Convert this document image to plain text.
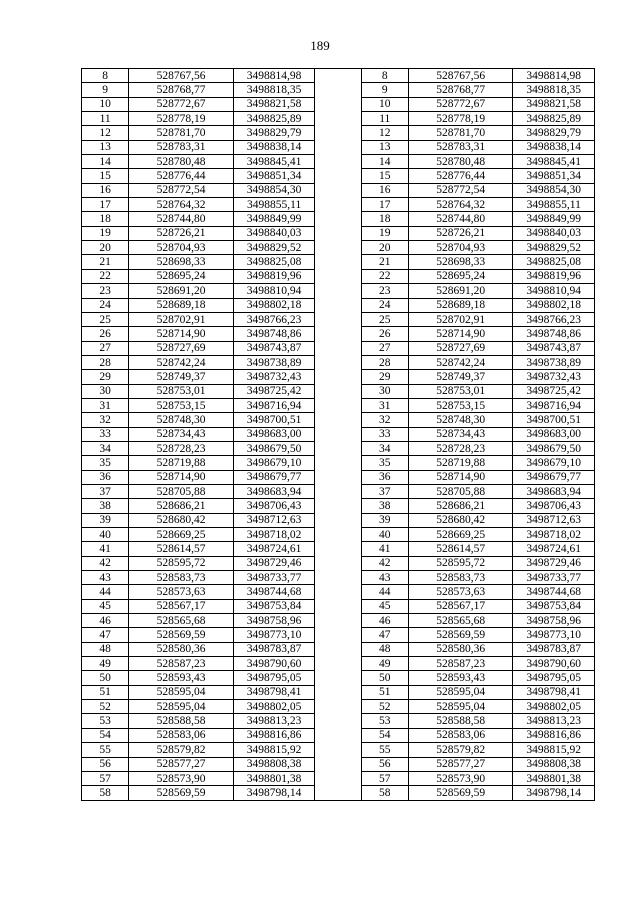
189
8	528767,56	3498814,98		8	528767,56	3498814,98
9	528768,77	3498818,35		9	528768,77	3498818,35
10	528772,67	3498821,58		10	528772,67	3498821,58
11	528778,19	3498825,89		11	528778,19	3498825,89
12	528781,70	3498829,79		12	528781,70	3498829,79
13	528783,31	3498838,14		13	528783,31	3498838,14
14	528780,48	3498845,41		14	528780,48	3498845,41
15	528776,44	3498851,34		15	528776,44	3498851,34
16	528772,54	3498854,30		16	528772,54	3498854,30
17	528764,32	3498855,11		17	528764,32	3498855,11
18	528744,80	3498849,99		18	528744,80	3498849,99
19	528726,21	3498840,03		19	528726,21	3498840,03
20	528704,93	3498829,52		20	528704,93	3498829,52
21	528698,33	3498825,08		21	528698,33	3498825,08
22	528695,24	3498819,96		22	528695,24	3498819,96
23	528691,20	3498810,94		23	528691,20	3498810,94
24	528689,18	3498802,18		24	528689,18	3498802,18
25	528702,91	3498766,23		25	528702,91	3498766,23
26	528714,90	3498748,86		26	528714,90	3498748,86
27	528727,69	3498743,87		27	528727,69	3498743,87
28	528742,24	3498738,89		28	528742,24	3498738,89
29	528749,37	3498732,43		29	528749,37	3498732,43
30	528753,01	3498725,42		30	528753,01	3498725,42
31	528753,15	3498716,94		31	528753,15	3498716,94
32	528748,30	3498700,51		32	528748,30	3498700,51
33	528734,43	3498683,00		33	528734,43	3498683,00
34	528728,23	3498679,50		34	528728,23	3498679,50
35	528719,88	3498679,10		35	528719,88	3498679,10
36	528714,90	3498679,77		36	528714,90	3498679,77
37	528705,88	3498683,94		37	528705,88	3498683,94
38	528686,21	3498706,43		38	528686,21	3498706,43
39	528680,42	3498712,63		39	528680,42	3498712,63
40	528669,25	3498718,02		40	528669,25	3498718,02
41	528614,57	3498724,61		41	528614,57	3498724,61
42	528595,72	3498729,46		42	528595,72	3498729,46
43	528583,73	3498733,77		43	528583,73	3498733,77
44	528573,63	3498744,68		44	528573,63	3498744,68
45	528567,17	3498753,84		45	528567,17	3498753,84
46	528565,68	3498758,96		46	528565,68	3498758,96
47	528569,59	3498773,10		47	528569,59	3498773,10
48	528580,36	3498783,87		48	528580,36	3498783,87
49	528587,23	3498790,60		49	528587,23	3498790,60
50	528593,43	3498795,05		50	528593,43	3498795,05
51	528595,04	3498798,41		51	528595,04	3498798,41
52	528595,04	3498802,05		52	528595,04	3498802,05
53	528588,58	3498813,23		53	528588,58	3498813,23
54	528583,06	3498816,86		54	528583,06	3498816,86
55	528579,82	3498815,92		55	528579,82	3498815,92
56	528577,27	3498808,38		56	528577,27	3498808,38
57	528573,90	3498801,38		57	528573,90	3498801,38
58	528569,59	3498798,14		58	528569,59	3498798,14
